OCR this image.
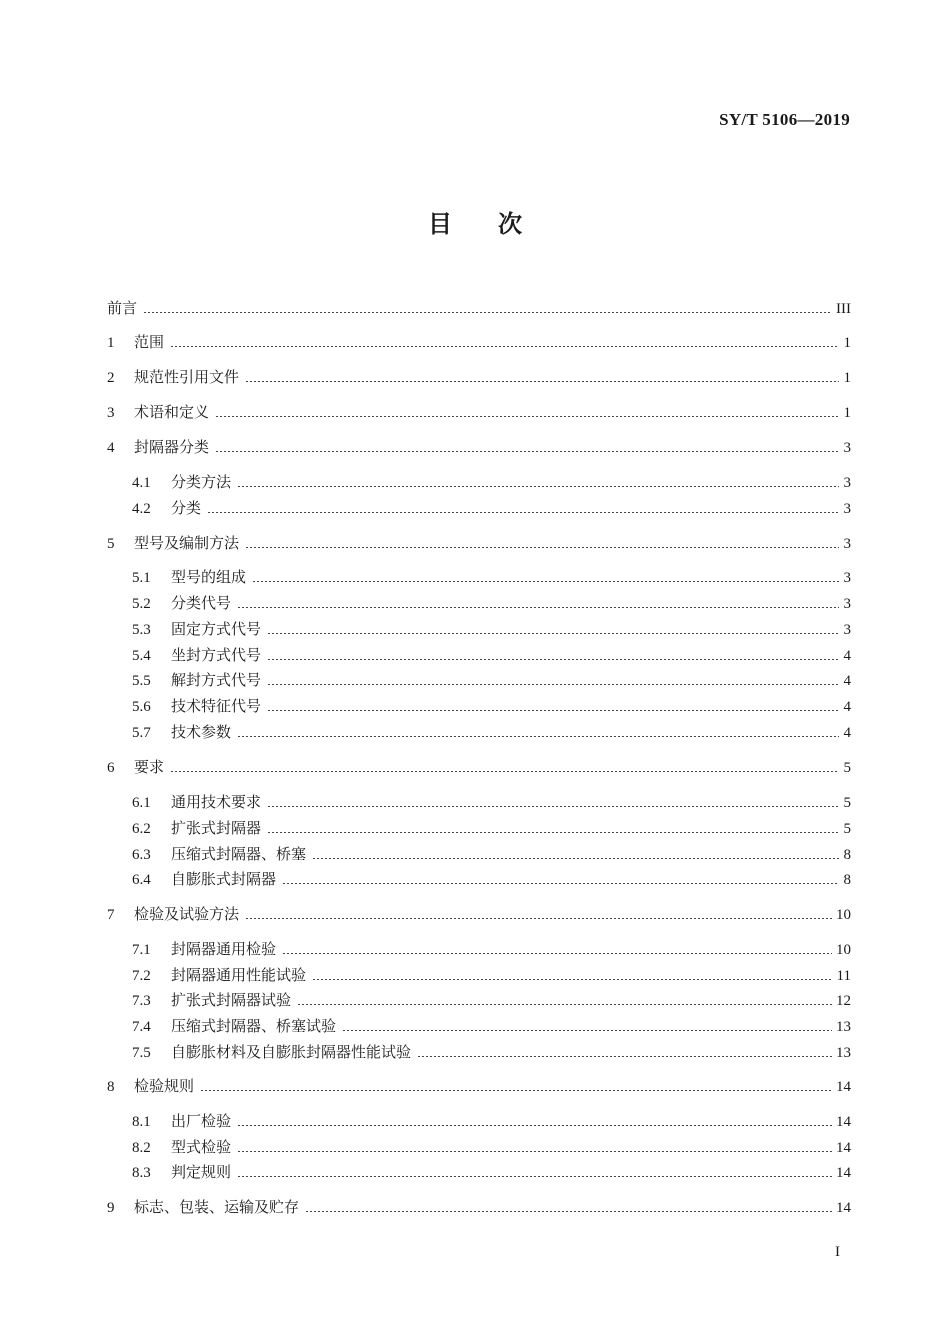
SY/T 5106—2019
目次
前言	III
1	范围	1
2	规范性引用文件	1
3	术语和定义	1
4	封隔器分类	3
4.1	分类方法	3
4.2	分类	3
5	型号及编制方法	3
5.1	型号的组成	3
5.2	分类代号	3
5.3	固定方式代号	3
5.4	坐封方式代号	4
5.5	解封方式代号	4
5.6	技术特征代号	4
5.7	技术参数	4
6	要求	5
6.1	通用技术要求	5
6.2	扩张式封隔器	5
6.3	压缩式封隔器、桥塞	8
6.4	自膨胀式封隔器	8
7	检验及试验方法	10
7.1	封隔器通用检验	10
7.2	封隔器通用性能试验	11
7.3	扩张式封隔器试验	12
7.4	压缩式封隔器、桥塞试验	13
7.5	自膨胀材料及自膨胀封隔器性能试验	13
8	检验规则	14
8.1	出厂检验	14
8.2	型式检验	14
8.3	判定规则	14
9	标志、包装、运输及贮存	14
I
